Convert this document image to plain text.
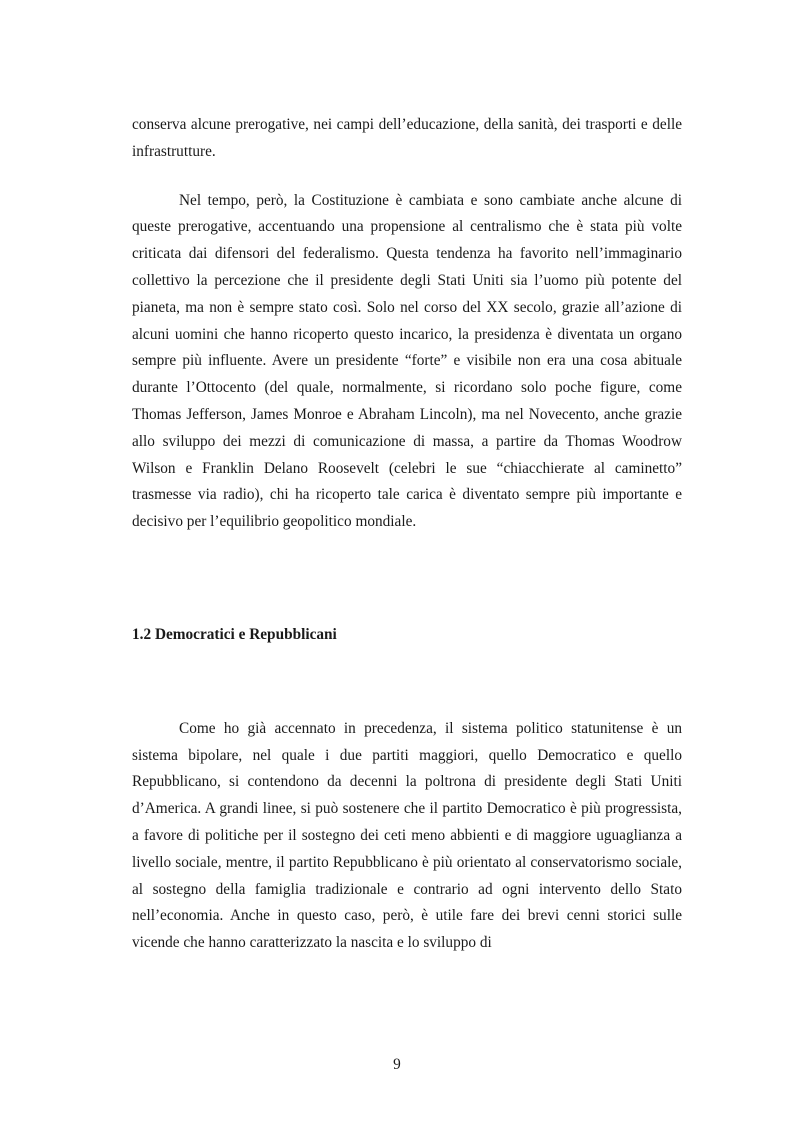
conserva alcune prerogative, nei campi dell’educazione, della sanità, dei trasporti e delle infrastrutture.

Nel tempo, però, la Costituzione è cambiata e sono cambiate anche alcune di queste prerogative, accentuando una propensione al centralismo che è stata più volte criticata dai difensori del federalismo. Questa tendenza ha favorito nell’immaginario collettivo la percezione che il presidente degli Stati Uniti sia l’uomo più potente del pianeta, ma non è sempre stato così. Solo nel corso del XX secolo, grazie all’azione di alcuni uomini che hanno ricoperto questo incarico, la presidenza è diventata un organo sempre più influente. Avere un presidente “forte” e visibile non era una cosa abituale durante l’Ottocento (del quale, normalmente, si ricordano solo poche figure, come Thomas Jefferson, James Monroe e Abraham Lincoln), ma nel Novecento, anche grazie allo sviluppo dei mezzi di comunicazione di massa, a partire da Thomas Woodrow Wilson e Franklin Delano Roosevelt (celebri le sue “chiacchierate al caminetto” trasmesse via radio), chi ha ricoperto tale carica è diventato sempre più importante e decisivo per l’equilibrio geopolitico mondiale.

1.2 Democratici e Repubblicani

Come ho già accennato in precedenza, il sistema politico statunitense è un sistema bipolare, nel quale i due partiti maggiori, quello Democratico e quello Repubblicano, si contendono da decenni la poltrona di presidente degli Stati Uniti d’America. A grandi linee, si può sostenere che il partito Democratico è più progressista, a favore di politiche per il sostegno dei ceti meno abbienti e di maggiore uguaglianza a livello sociale, mentre, il partito Repubblicano è più orientato al conservatorismo sociale, al sostegno della famiglia tradizionale e contrario ad ogni intervento dello Stato nell’economia. Anche in questo caso, però, è utile fare dei brevi cenni storici sulle vicende che hanno caratterizzato la nascita e lo sviluppo di

9
